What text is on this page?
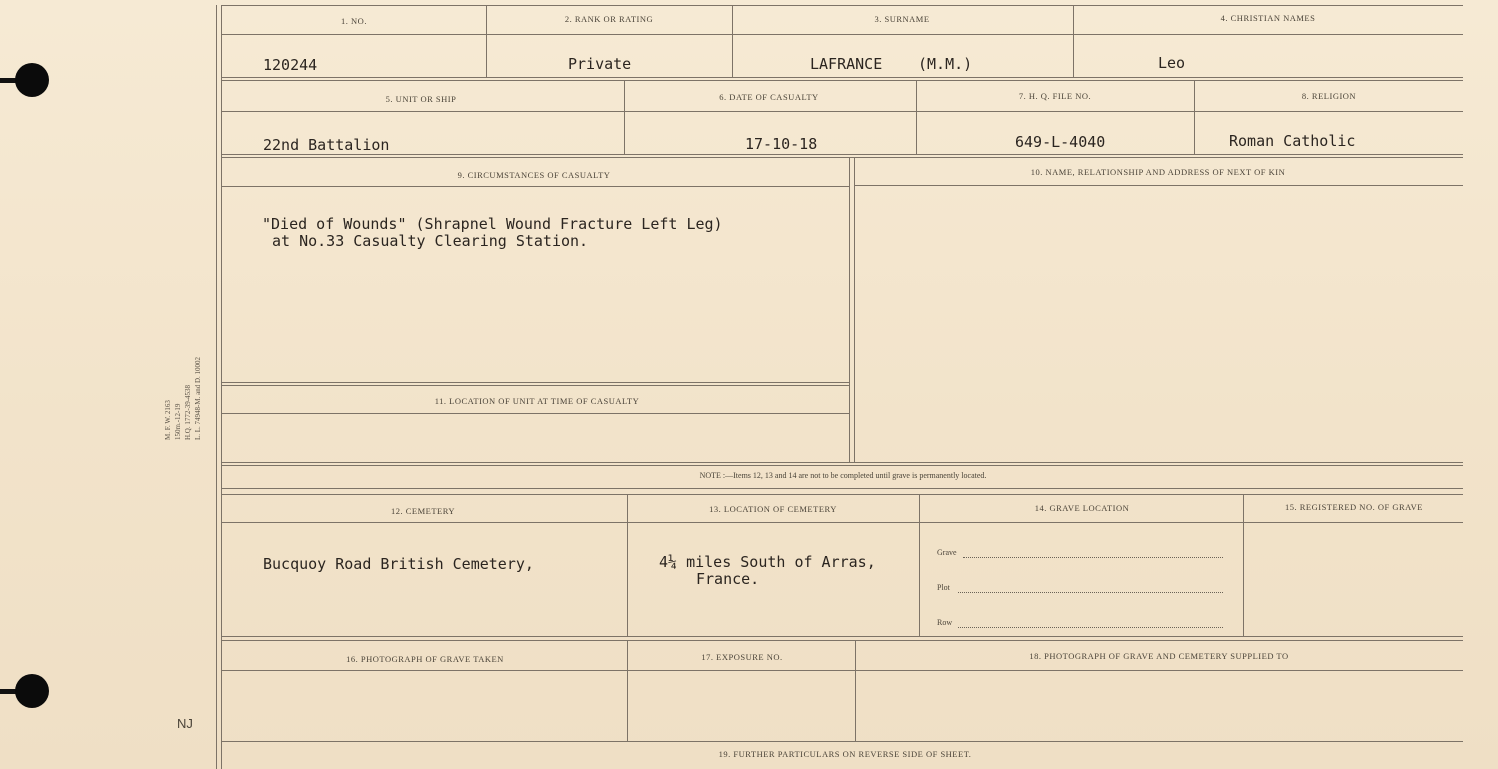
M. F. W. 2163 150m.-12-19 H.Q. 1772-39-4538 L. L. 74948-M. and D. 10002
NJ
1. NO.	2. RANK OR RATING	3. SURNAME	4. CHRISTIAN NAMES
120244	Private	LAFRANCE (M.M.)	Leo
5. UNIT OR SHIP	6. DATE OF CASUALTY	7. H. Q. FILE NO.	8. RELIGION
22nd Battalion	17-10-18	649-L-4040	Roman Catholic
9. CIRCUMSTANCES OF CASUALTY	10. NAME, RELATIONSHIP AND ADDRESS OF NEXT OF KIN
"Died of Wounds" (Shrapnel Wound Fracture Left Leg)
at No.33 Casualty Clearing Station.
11. LOCATION OF UNIT AT TIME OF CASUALTY
NOTE :—Items 12, 13 and 14 are not to be completed until grave is permanently located.
12. CEMETERY	13. LOCATION OF CEMETERY	14. GRAVE LOCATION	15. REGISTERED NO. OF GRAVE
Bucquoy Road British Cemetery,	4¼ miles South of Arras,
France.
Grave
Plot
Row
16. PHOTOGRAPH OF GRAVE TAKEN	17. EXPOSURE NO.	18. PHOTOGRAPH OF GRAVE AND CEMETERY SUPPLIED TO
19. FURTHER PARTICULARS ON REVERSE SIDE OF SHEET.
